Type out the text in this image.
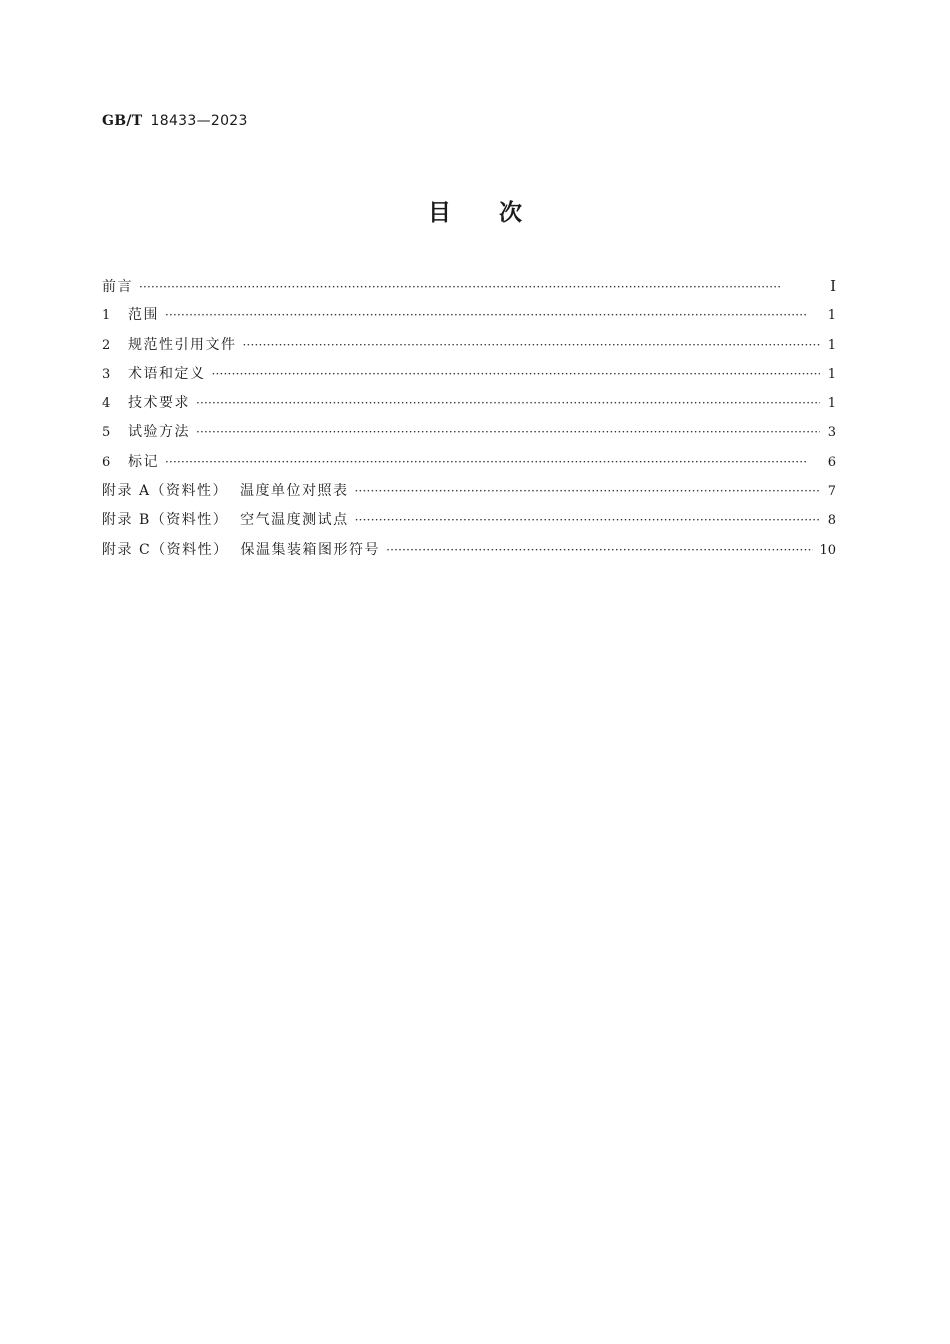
GB/T 18433—2023
目次
前言 ·····	I
1	范围 ·····	1
2	规范性引用文件 ·····	1
3	术语和定义 ·····	1
4	技术要求 ·····	1
5	试验方法 ·····	3
6	标记 ·····	6
附录 A（资料性）  温度单位对照表 ·····	7
附录 B（资料性）  空气温度测试点 ·····	8
附录 C（资料性）  保温集装箱图形符号 ·····	10
